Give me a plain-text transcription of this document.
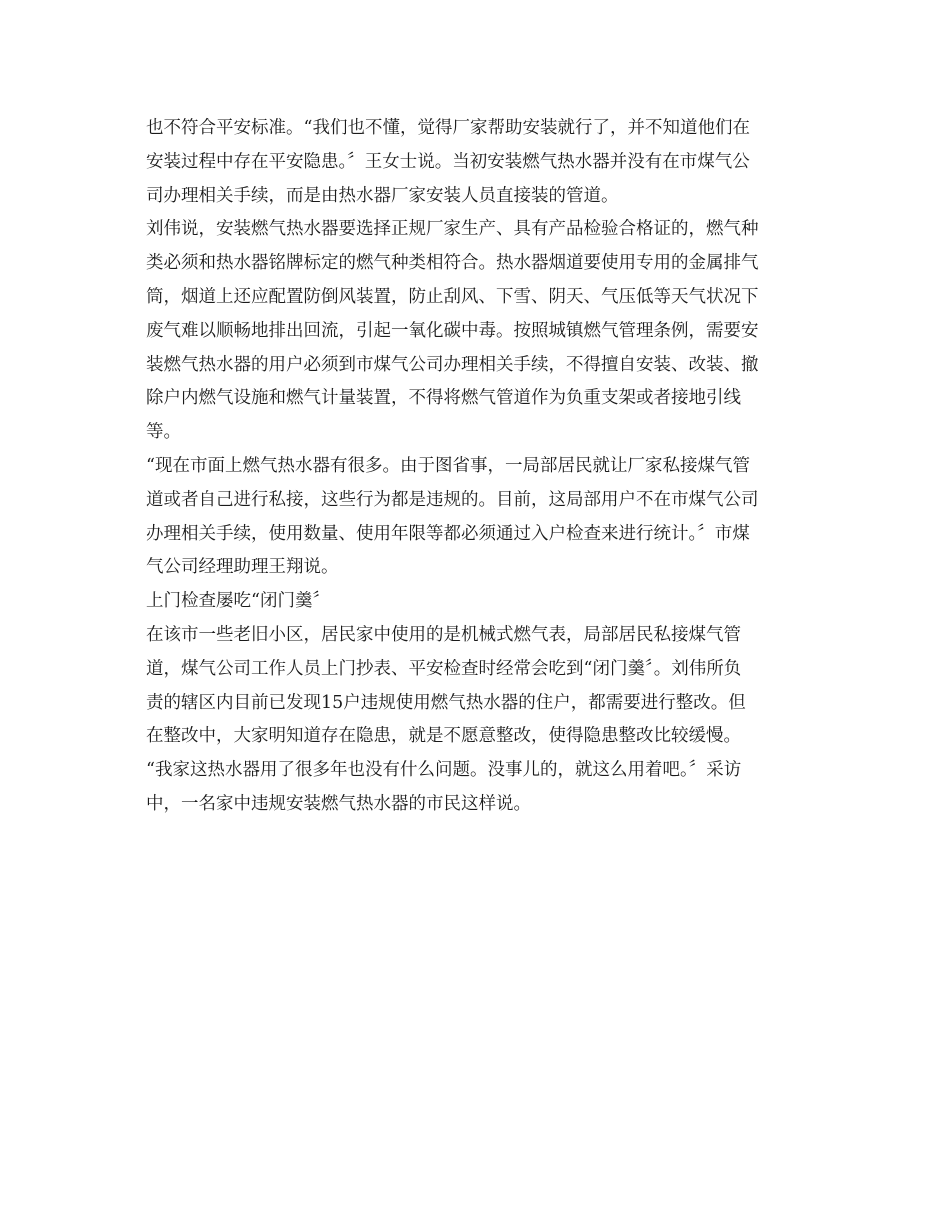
也不符合平安标准。“我们也不懂，觉得厂家帮助安装就行了，并不知道他们在
安装过程中存在平安隐患。〞王女士说。当初安装燃气热水器并没有在市煤气公
司办理相关手续，而是由热水器厂家安装人员直接装的管道。
刘伟说，安装燃气热水器要选择正规厂家生产、具有产品检验合格证的，燃气种
类必须和热水器铭牌标定的燃气种类相符合。热水器烟道要使用专用的金属排气
筒，烟道上还应配置防倒风装置，防止刮风、下雪、阴天、气压低等天气状况下
废气难以顺畅地排出回流，引起一氧化碳中毒。按照城镇燃气管理条例，需要安
装燃气热水器的用户必须到市煤气公司办理相关手续，不得擅自安装、改装、撤
除户内燃气设施和燃气计量装置，不得将燃气管道作为负重支架或者接地引线
等。
“现在市面上燃气热水器有很多。由于图省事，一局部居民就让厂家私接煤气管
道或者自己进行私接，这些行为都是违规的。目前，这局部用户不在市煤气公司
办理相关手续，使用数量、使用年限等都必须通过入户检查来进行统计。〞市煤
气公司经理助理王翔说。
上门检查屡吃“闭门羹〞
在该市一些老旧小区，居民家中使用的是机械式燃气表，局部居民私接煤气管
道，煤气公司工作人员上门抄表、平安检查时经常会吃到“闭门羹〞。刘伟所负
责的辖区内目前已发现15户违规使用燃气热水器的住户，都需要进行整改。但
在整改中，大家明知道存在隐患，就是不愿意整改，使得隐患整改比较缓慢。
“我家这热水器用了很多年也没有什么问题。没事儿的，就这么用着吧。〞采访
中，一名家中违规安装燃气热水器的市民这样说。
